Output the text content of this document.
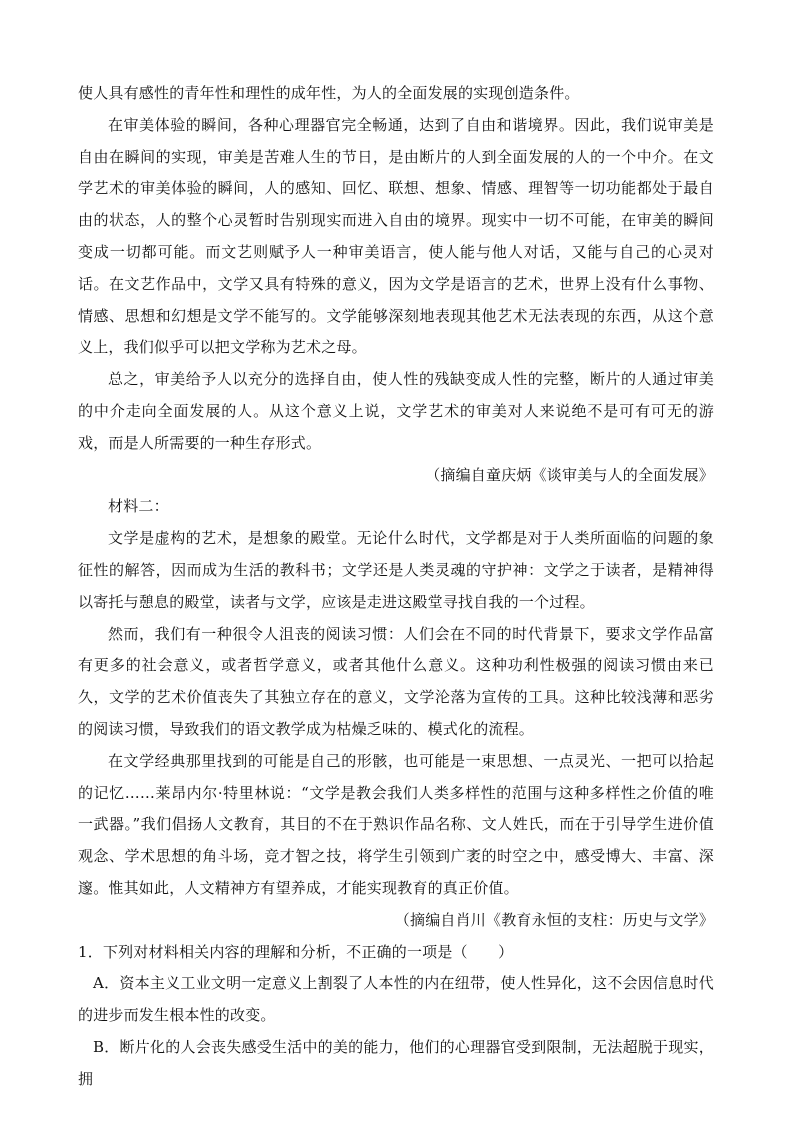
使人具有感性的青年性和理性的成年性，为人的全面发展的实现创造条件。

在审美体验的瞬间，各种心理器官完全畅通，达到了自由和谐境界。因此，我们说审美是自由在瞬间的实现，审美是苦难人生的节日，是由断片的人到全面发展的人的一个中介。在文学艺术的审美体验的瞬间，人的感知、回忆、联想、想象、情感、理智等一切功能都处于最自由的状态，人的整个心灵暂时告别现实而进入自由的境界。现实中一切不可能，在审美的瞬间变成一切都可能。而文艺则赋予人一种审美语言，使人能与他人对话，又能与自己的心灵对话。在文艺作品中，文学又具有特殊的意义，因为文学是语言的艺术，世界上没有什么事物、情感、思想和幻想是文学不能写的。文学能够深刻地表现其他艺术无法表现的东西，从这个意义上，我们似乎可以把文学称为艺术之母。

总之，审美给予人以充分的选择自由，使人性的残缺变成人性的完整，断片的人通过审美的中介走向全面发展的人。从这个意义上说，文学艺术的审美对人来说绝不是可有可无的游戏，而是人所需要的一种生存形式。

（摘编自童庆炳《谈审美与人的全面发展》

材料二：

文学是虚构的艺术，是想象的殿堂。无论什么时代，文学都是对于人类所面临的问题的象征性的解答，因而成为生活的教科书；文学还是人类灵魂的守护神：文学之于读者，是精神得以寄托与憩息的殿堂，读者与文学，应该是走进这殿堂寻找自我的一个过程。

然而，我们有一种很令人沮丧的阅读习惯：人们会在不同的时代背景下，要求文学作品富有更多的社会意义，或者哲学意义，或者其他什么意义。这种功利性极强的阅读习惯由来已久，文学的艺术价值丧失了其独立存在的意义，文学沦落为宣传的工具。这种比较浅薄和恶劣的阅读习惯，导致我们的语文教学成为枯燥乏味的、模式化的流程。

在文学经典那里找到的可能是自己的形骸，也可能是一束思想、一点灵光、一把可以拾起的记忆……莱昂内尔·特里林说：“文学是教会我们人类多样性的范围与这种多样性之价值的唯一武器。”我们倡扬人文教育，其目的不在于熟识作品名称、文人姓氏，而在于引导学生进价值观念、学术思想的角斗场，竞才智之技，将学生引领到广袤的时空之中，感受博大、丰富、深邃。惟其如此，人文精神方有望养成，才能实现教育的真正价值。

（摘编自肖川《教育永恒的支柱：历史与文学》

1．下列对材料相关内容的理解和分析，不正确的一项是（　　）

A．资本主义工业文明一定意义上割裂了人本性的内在纽带，使人性异化，这不会因信息时代的进步而发生根本性的改变。

B．断片化的人会丧失感受生活中的美的能力，他们的心理器官受到限制，无法超脱于现实，拥
